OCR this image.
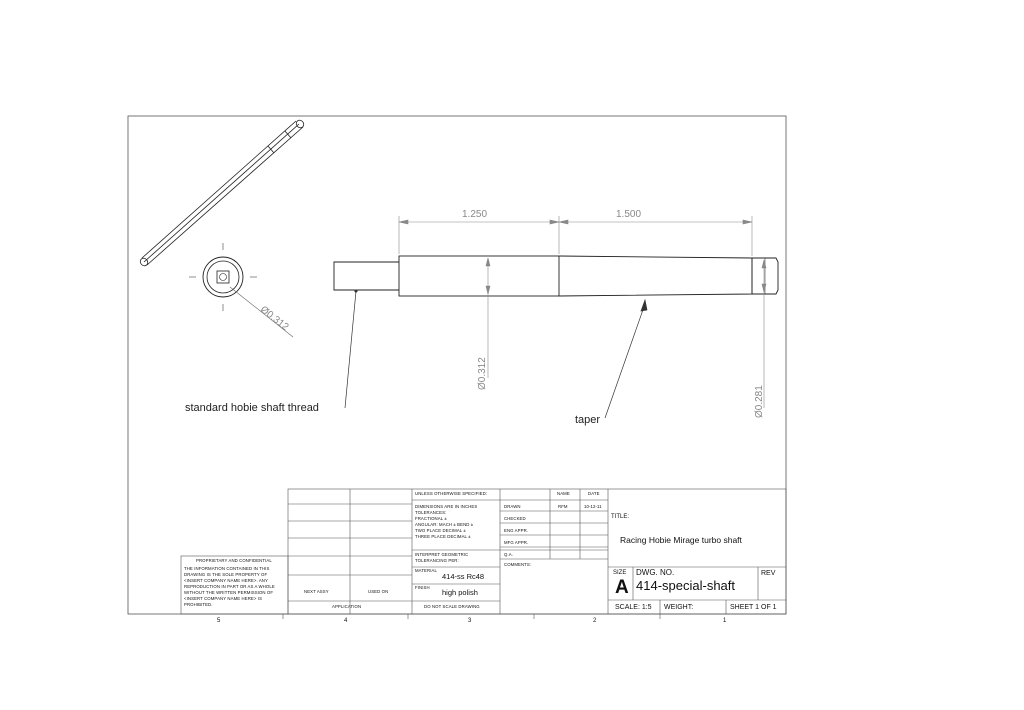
1.250	1.500
Ø0.312
Ø0.312
Ø0.281
standard hobie shaft thread
taper
UNLESS OTHERWISE SPECIFIED:
DIMENSIONS ARE IN INCHES
TOLERANCES:
FRACTIONAL ±
ANGULAR: MACH ± BEND ±
TWO PLACE DECIMAL ±
THREE PLACE DECIMAL ±
INTERPRET GEOMETRIC
TOLERANCING PER:
MATERIAL
414-ss Rc48
FINISH
high polish
DO NOT SCALE DRAWING
NAME	DATE
DRAWN	RFM	10-12-11
CHECKED
ENG APPR.
MFG APPR.
Q.A.
COMMENTS:
TITLE:
Racing Hobie Mirage turbo shaft
SIZE
A
DWG. NO.
414-special-shaft
REV
SCALE: 1:5 WEIGHT:	SHEET 1 OF 1
NEXT ASSY	USED ON
APPLICATION
PROPRIETARY AND CONFIDENTIAL
THE INFORMATION CONTAINED IN THIS
DRAWING IS THE SOLE PROPERTY OF
<INSERT COMPANY NAME HERE>. ANY
REPRODUCTION IN PART OR AS A WHOLE
WITHOUT THE WRITTEN PERMISSION OF
<INSERT COMPANY NAME HERE> IS
PROHIBITED.
5	4	3	2	1
